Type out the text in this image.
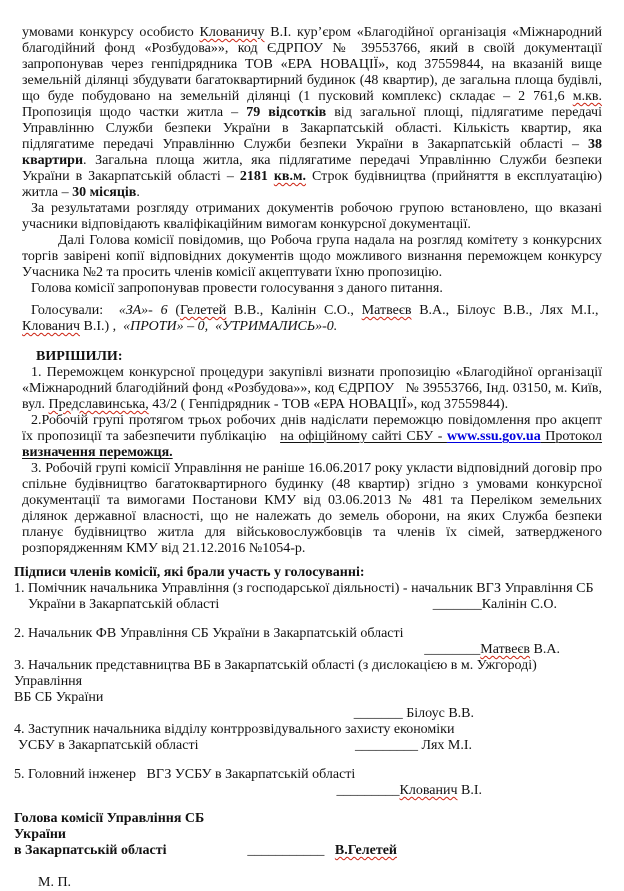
умовами конкурсу особисто Клованичу В.І. кур’єром «Благодійної організація «Міжнародний благодійний фонд «Розбудова»», код ЄДРПОУ № 39553766, який в своїй документації запропонував через генпідрядника ТОВ «ЕРА НОВАЦІЇ», код 37559844, на вказаній вище земельній ділянці збудувати багатоквартирний будинок (48 квартир), де загальна площа будівлі, що буде побудовано на земельній ділянці (1 пусковий комплекс) складає – 2 761,6 м.кв. Пропозиція щодо частки житла – 79 відсотків від загальної площі, підлягатиме передачі Управлінню Служби безпеки України в Закарпатській області. Кількість квартир, яка підлягатиме передачі Управлінню Служби безпеки України в Закарпатській області – 38 квартири. Загальна площа житла, яка підлягатиме передачі Управлінню Служби безпеки України в Закарпатській області – 2181 кв.м. Строк будівництва (прийняття в експлуатацію) житла – 30 місяців.

За результатами розгляду отриманих документів робочою групою встановлено, що вказані учасники відповідають кваліфікаційним вимогам конкурсної документації.

Далі Голова комісії повідомив, що Робоча група надала на розгляд комітету з конкурсних торгів завірені копії відповідних документів щодо можливого визнання переможцем конкурсу Учасника №2 та просить членів комісії акцептувати їхню пропозицію.

Голова комісії запропонував провести голосування з даного питання.

Голосували:  «ЗА»- 6 (Гелетей В.В., Калінін С.О., Матвеєв В.А., Білоус В.В., Лях М.І.,  Клованич В.І.) ,  «ПРОТИ» – 0,  «УТРИМАЛИСЬ»-0.

ВИРІШИЛИ:

1. Переможцем конкурсної процедури закупівлі визнати пропозицію «Благодійної організації «Міжнародний благодійний фонд «Розбудова»», код ЄДРПОУ   № 39553766, Інд. 03150, м. Київ, вул. Предславинська, 43/2 ( Генпідрядник - ТОВ «ЕРА НОВАЦІЇ», код 37559844).

2.Робочій групі протягом трьох робочих днів надіслати переможцю повідомлення про акцепт їх пропозиції та забезпечити публікацію   на офіційному сайті СБУ - www.ssu.gov.ua Протокол визначення переможця.

3. Робочій групі комісії Управління не раніше 16.06.2017 року укласти відповідний договір про спільне будівництво багатоквартирного будинку (48 квартир) згідно з умовами конкурсної документації та вимогами Постанови КМУ від 03.06.2013 № 481 та Переліком земельних ділянок державної власності, що не належать до земель оборони, на яких Служба безпеки планує будівництво житла для військовослужбовців та членів їх сімей, затвердженого розпорядженням КМУ від 21.12.2016 №1054-р.

Підписи членів комісії, які брали участь у голосуванні:

1. Помічник начальника Управління (з господарської діяльності) - начальник ВГЗ Управління СБ
України в Закарпатській області	_______Калінін С.О.
2. Начальник ФВ Управління СБ України в Закарпатській області
________Матвеєв В.А.
3. Начальник представництва ВБ в Закарпатській області (з дислокацією в м. Ужгороді) Управління
ВБ СБ України
_______ Білоус В.В.
4. Заступник начальника відділу контррозвідувального захисту економіки
УСБУ в Закарпатській області	_________ Лях М.І.
5. Головний інженер   ВГЗ УСБУ в Закарпатській області
_________Клованич В.І.
Голова комісії Управління СБ України
в Закарпатській області	___________ В.Гелетей
М. П.
